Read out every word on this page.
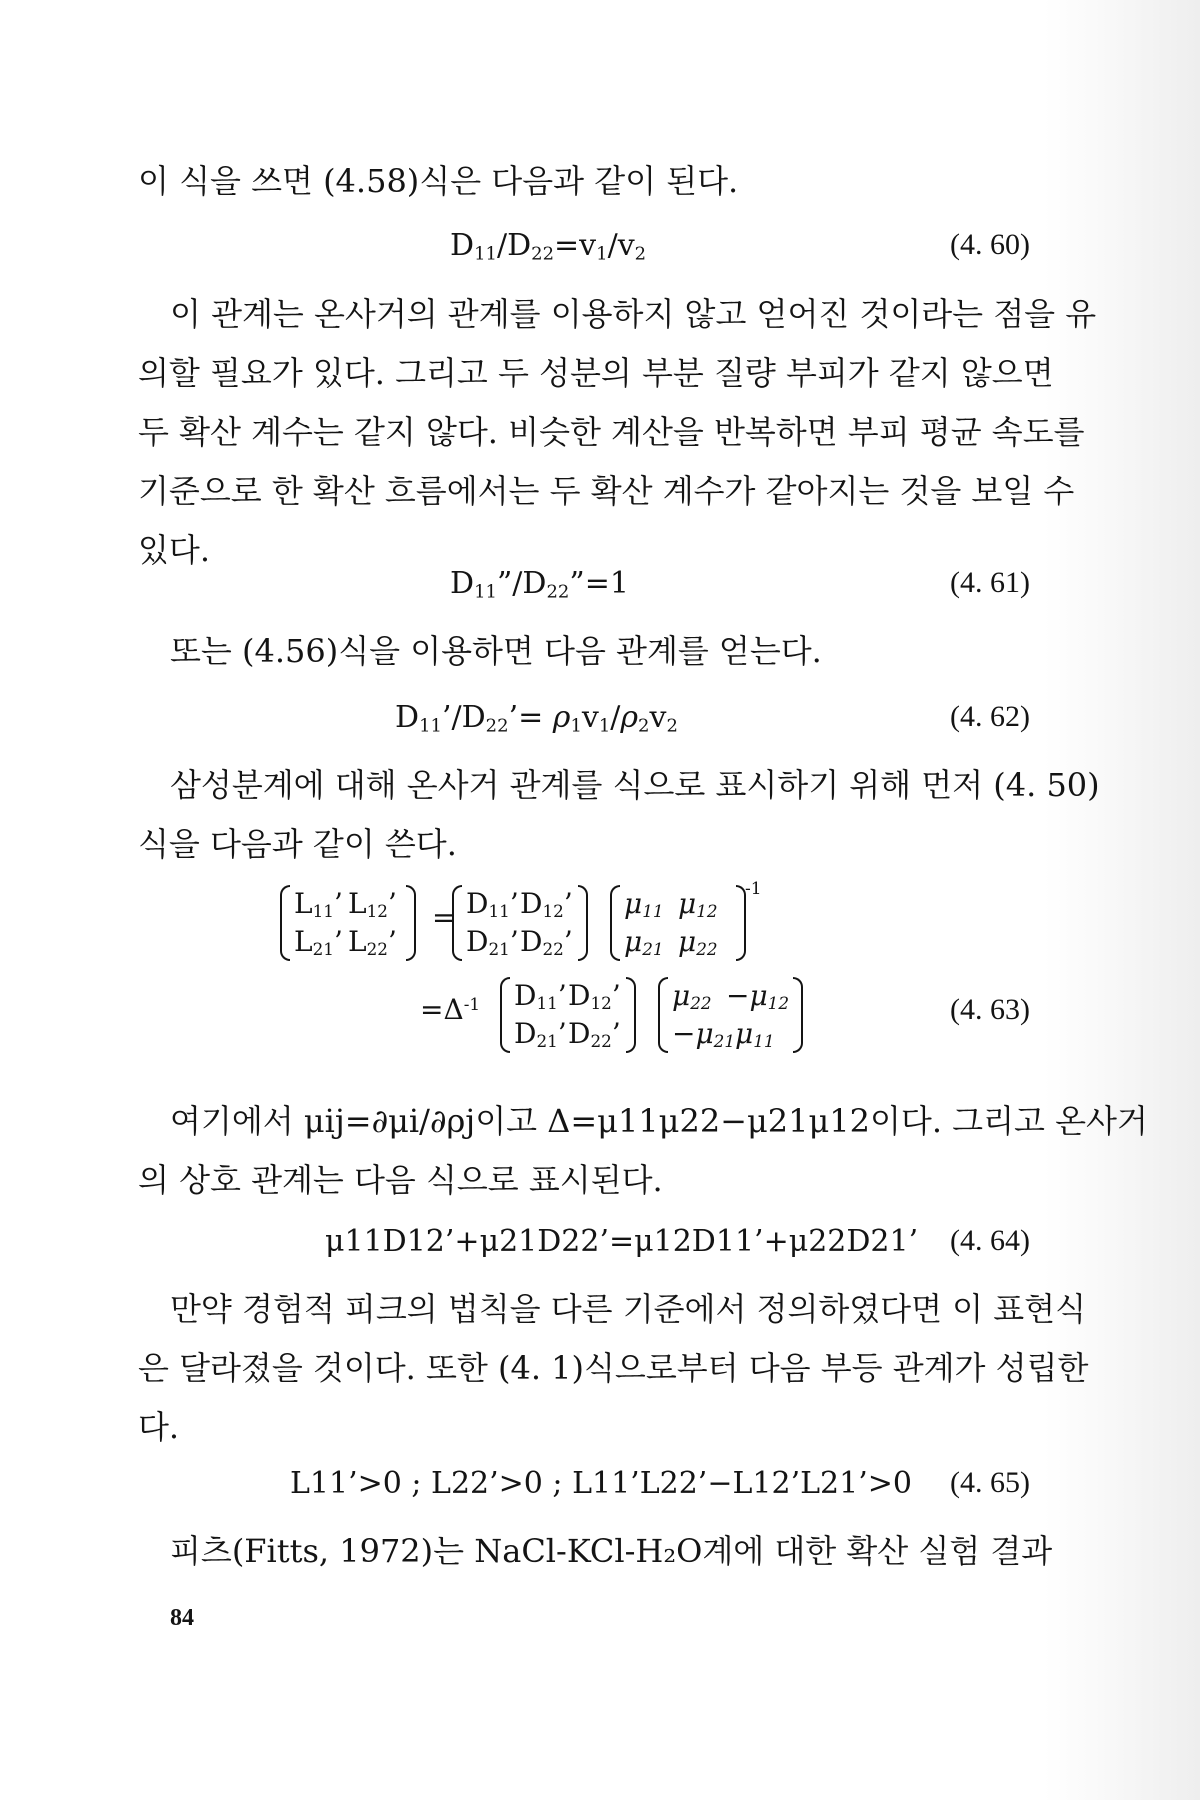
이 식을 쓰면 (4.58)식은 다음과 같이 된다.

$D_{11}/D_{22}=v_1/v_2$	(4. 60)

이 관계는 온사거의 관계를 이용하지 않고 얻어진 것이라는 점을 유
의할 필요가 있다. 그리고 두 성분의 부분 질량 부피가 같지 않으면
두 확산 계수는 같지 않다. 비슷한 계산을 반복하면 부피 평균 속도를
기준으로 한 확산 흐름에서는 두 확산 계수가 같아지는 것을 보일 수
있다.

$D_{11}”/D_{22}”=1$	(4. 61)

또는 (4.56)식을 이용하면 다음 관계를 얻는다.

$D_{11}’/D_{22}’= \rho_1v_1/\rho_2v_2$	(4. 62)

삼성분계에 대해 온사거 관계를 식으로 표시하기 위해 먼저 (4. 50)
식을 다음과 같이 쓴다.

$L_{11}$’ $L_{12}$’
$L_{21}$’ $L_{22}$’
= $D_{11}’D_{12}$’
$D_{21}’D_{22}$’
$\mu_{11}$ $\mu_{12}$
$\mu_{21}$ $\mu_{22}$
-1
$=\Delta^{-1}$ $D_{11}’D_{12}$’
$D_{21}’D_{22}$’
$\mu_{22} -\mu_{12}$
$-\mu_{21}\mu_{11}$
(4. 63)

여기에서 μij=∂μi/∂ρj이고 Δ=μ11μ22−μ21μ12이다. 그리고 온사거
의 상호 관계는 다음 식으로 표시된다.

μ11D12’+μ21D22’=μ12D11’+μ22D21’ (4. 64)

만약 경험적 피크의 법칙을 다른 기준에서 정의하였다면 이 표현식
은 달라졌을 것이다. 또한 (4. 1)식으로부터 다음 부등 관계가 성립한
다.

L11’>0 ; L22’>0 ; L11’L22’−L12’L21’>0 (4. 65)

피츠(Fitts, 1972)는 NaCl-KCl-H₂O계에 대한 확산 실험 결과

84
